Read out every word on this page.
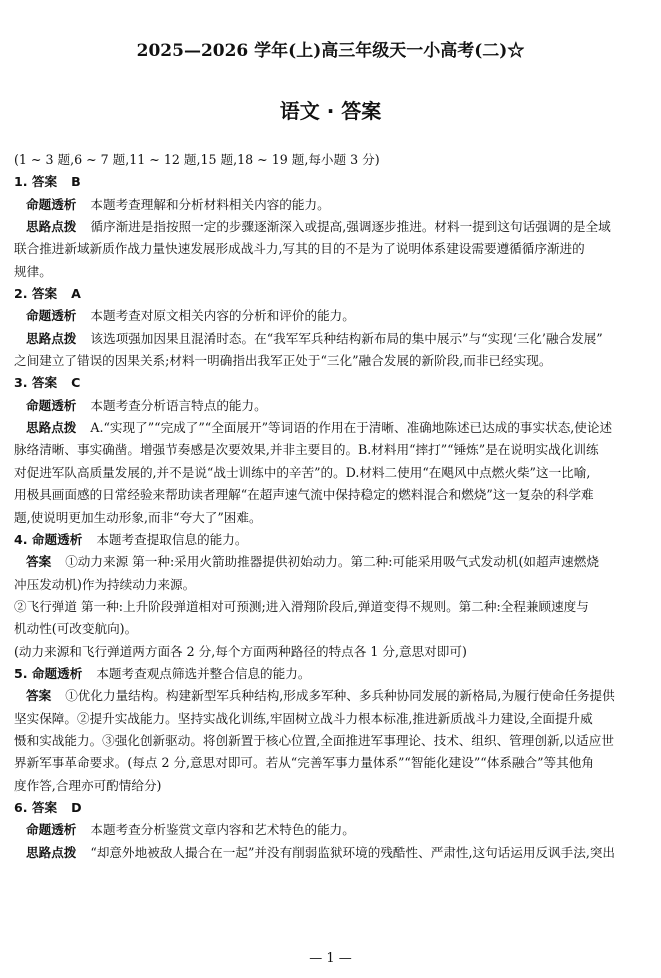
2025—2026 学年(上)高三年级天一小高考(二)☆
语文 · 答案
(1 ~ 3 题,6 ~ 7 题,11 ~ 12 题,15 题,18 ~ 19 题,每小题 3 分)
1. 答案 B
命题透析 本题考查理解和分析材料相关内容的能力。
思路点拨 循序渐进是指按照一定的步骤逐渐深入或提高,强调逐步推进。材料一提到这句话强调的是全域
联合推进新域新质作战力量快速发展形成战斗力,写其的目的不是为了说明体系建设需要遵循循序渐进的
规律。
2. 答案 A
命题透析 本题考查对原文相关内容的分析和评价的能力。
思路点拨 该选项强加因果且混淆时态。在“我军军兵种结构新布局的集中展示”与“实现‘三化’融合发展”
之间建立了错误的因果关系;材料一明确指出我军正处于“三化”融合发展的新阶段,而非已经实现。
3. 答案 C
命题透析 本题考查分析语言特点的能力。
思路点拨 A.“实现了”“完成了”“全面展开”等词语的作用在于清晰、准确地陈述已达成的事实状态,使论述
脉络清晰、事实确凿。增强节奏感是次要效果,并非主要目的。B.材料用“摔打”“锤炼”是在说明实战化训练
对促进军队高质量发展的,并不是说“战士训练中的辛苦”的。D.材料二使用“在飓风中点燃火柴”这一比喻,
用极具画面感的日常经验来帮助读者理解“在超声速气流中保持稳定的燃料混合和燃烧”这一复杂的科学难
题,使说明更加生动形象,而非“夸大了”困难。
4. 命题透析 本题考查提取信息的能力。
答案 ①动力来源 第一种:采用火箭助推器提供初始动力。第二种:可能采用吸气式发动机(如超声速燃烧
冲压发动机)作为持续动力来源。
②飞行弹道 第一种:上升阶段弹道相对可预测;进入滑翔阶段后,弹道变得不规则。第二种:全程兼顾速度与
机动性(可改变航向)。
(动力来源和飞行弹道两方面各 2 分,每个方面两种路径的特点各 1 分,意思对即可)
5. 命题透析 本题考查观点筛选并整合信息的能力。
答案 ①优化力量结构。构建新型军兵种结构,形成多军种、多兵种协同发展的新格局,为履行使命任务提供
坚实保障。②提升实战能力。坚持实战化训练,牢固树立战斗力根本标准,推进新质战斗力建设,全面提升威
慑和实战能力。③强化创新驱动。将创新置于核心位置,全面推进军事理论、技术、组织、管理创新,以适应世
界新军事革命要求。(每点 2 分,意思对即可。若从“完善军事力量体系”“智能化建设”“体系融合”等其他角
度作答,合理亦可酌情给分)
6. 答案 D
命题透析 本题考查分析鉴赏文章内容和艺术特色的能力。
思路点拨 “却意外地被敌人撮合在一起”并没有削弱监狱环境的残酷性、严肃性,这句话运用反讽手法,突出
— 1 —
